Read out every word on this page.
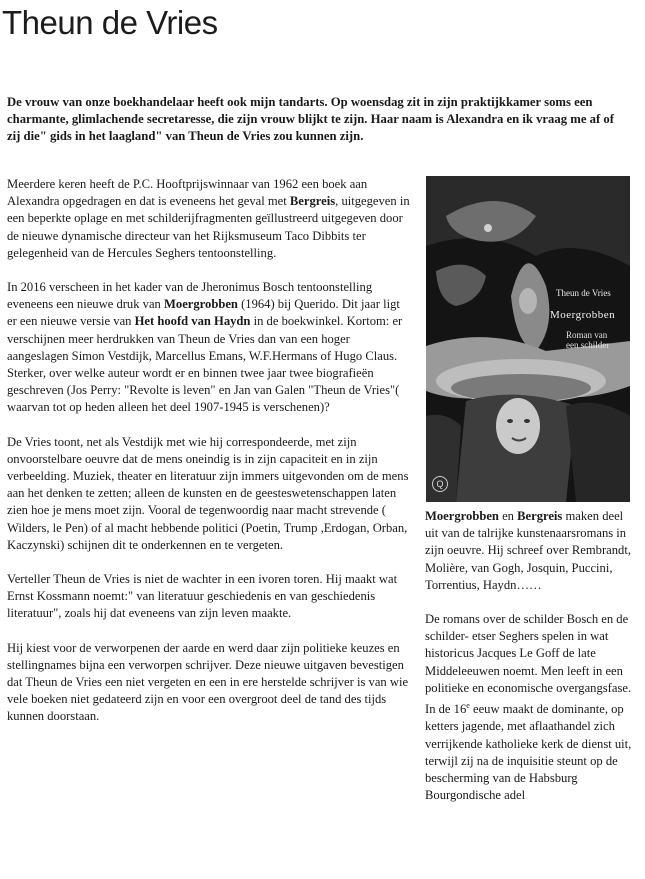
Theun de Vries

De vrouw van onze boekhandelaar heeft ook mijn tandarts. Op woensdag zit in zijn praktijkkamer soms een charmante, glimlachende secretaresse, die zijn vrouw blijkt te zijn. Haar naam is Alexandra en ik vraag me af of zij die" gids in het laagland" van Theun de Vries zou kunnen zijn.

Meerdere keren heeft de P.C. Hooftprijswinnaar van 1962 een boek aan Alexandra opgedragen en dat is eveneens het geval met Bergreis, uitgegeven in een beperkte oplage en met schilderijfragmenten geïllustreerd uitgegeven door de nieuwe dynamische directeur van het Rijksmuseum Taco Dibbits ter gelegenheid van de Hercules Seghers tentoonstelling.

In 2016 verscheen in het kader van de Jheronimus Bosch tentoonstelling eveneens een nieuwe druk van Moergrobben (1964) bij Querido. Dit jaar ligt er een nieuwe versie van Het hoofd van Haydn in de boekwinkel. Kortom: er verschijnen meer herdrukken van Theun de Vries dan van een hoger aangeslagen Simon Vestdijk, Marcellus Emans, W.F.Hermans of Hugo Claus. Sterker, over welke auteur wordt er en binnen twee jaar twee biografieën geschreven (Jos Perry: "Revolte is leven" en Jan van Galen "Theun de Vries"( waarvan tot op heden alleen het deel 1907-1945 is verschenen)?

De Vries toont, net als Vestdijk met wie hij correspondeerde, met zijn onvoorstelbare oeuvre dat de mens oneindig is in zijn capaciteit en in zijn verbeelding. Muziek, theater en literatuur zijn immers uitgevonden om de mens aan het denken te zetten; alleen de kunsten en de geesteswetenschappen laten zien hoe je mens moet zijn. Vooral de tegenwoordig naar macht strevende ( Wilders, le Pen) of al macht hebbende politici (Poetin, Trump ,Erdogan, Orban, Kaczynski) schijnen dit te onderkennen en te vergeten.

Verteller Theun de Vries is niet de wachter in een ivoren toren. Hij maakt wat Ernst Kossmann noemt:" van literatuur geschiedenis en van geschiedenis literatuur", zoals hij dat eveneens van zijn leven maakte.

Hij kiest voor de verworpenen der aarde en werd daar zijn politieke keuzes en stellingnames bijna een verworpen schrijver. Deze nieuwe uitgaven bevestigen dat Theun de Vries een niet vergeten en een in ere herstelde schrijver is van wie vele boeken niet gedateerd zijn en voor een overgroot deel de tand des tijds kunnen doorstaan.

Theun de Vries
Moergrobben
Roman van een schilder
Q

Moergrobben en Bergreis maken deel uit van de talrijke kunstenaarsromans in zijn oeuvre. Hij schreef over Rembrandt, Molière, van Gogh, Josquin, Puccini, Torrentius, Haydn……

De romans over de schilder Bosch en de schilder- etser Seghers spelen in wat historicus Jacques Le Goff de late Middeleeuwen noemt. Men leeft in een politieke en economische overgangsfase. In de 16e eeuw maakt de dominante, op ketters jagende, met aflaathandel zich verrijkende katholieke kerk de dienst uit, terwijl zij na de inquisitie steunt op de bescherming van de Habsburg Bourgondische adel
